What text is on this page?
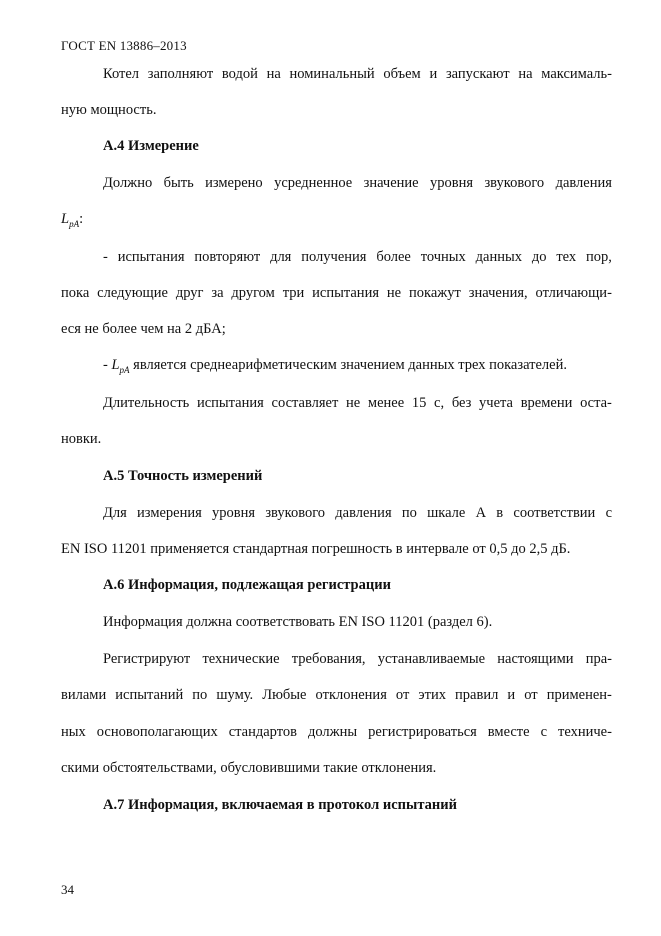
ГОСТ EN 13886–2013
Котел заполняют водой на номинальный объем и запускают на максималь-
ную мощность.
А.4 Измерение
Должно быть измерено усредненное значение уровня звукового давления
$L_{pA}$:
- испытания повторяют для получения более точных данных до тех пор,
пока следующие друг за другом три испытания не покажут значения, отличающи-
еся не более чем на 2 дБА;
- $L_{pA}$ является среднеарифметическим значением данных трех показателей.
Длительность испытания составляет не менее 15 с, без учета времени оста-
новки.
А.5 Точность измерений
Для измерения уровня звукового давления по шкале А в соответствии с
EN ISO 11201 применяется стандартная погрешность в интервале от 0,5 до 2,5 дБ.
А.6 Информация, подлежащая регистрации
Информация должна соответствовать EN ISO 11201 (раздел 6).
Регистрируют технические требования, устанавливаемые настоящими пра-
вилами испытаний по шуму. Любые отклонения от этих правил и от применен-
ных основополагающих стандартов должны регистрироваться вместе с техниче-
скими обстоятельствами, обусловившими такие отклонения.
А.7 Информация, включаемая в протокол испытаний
34
